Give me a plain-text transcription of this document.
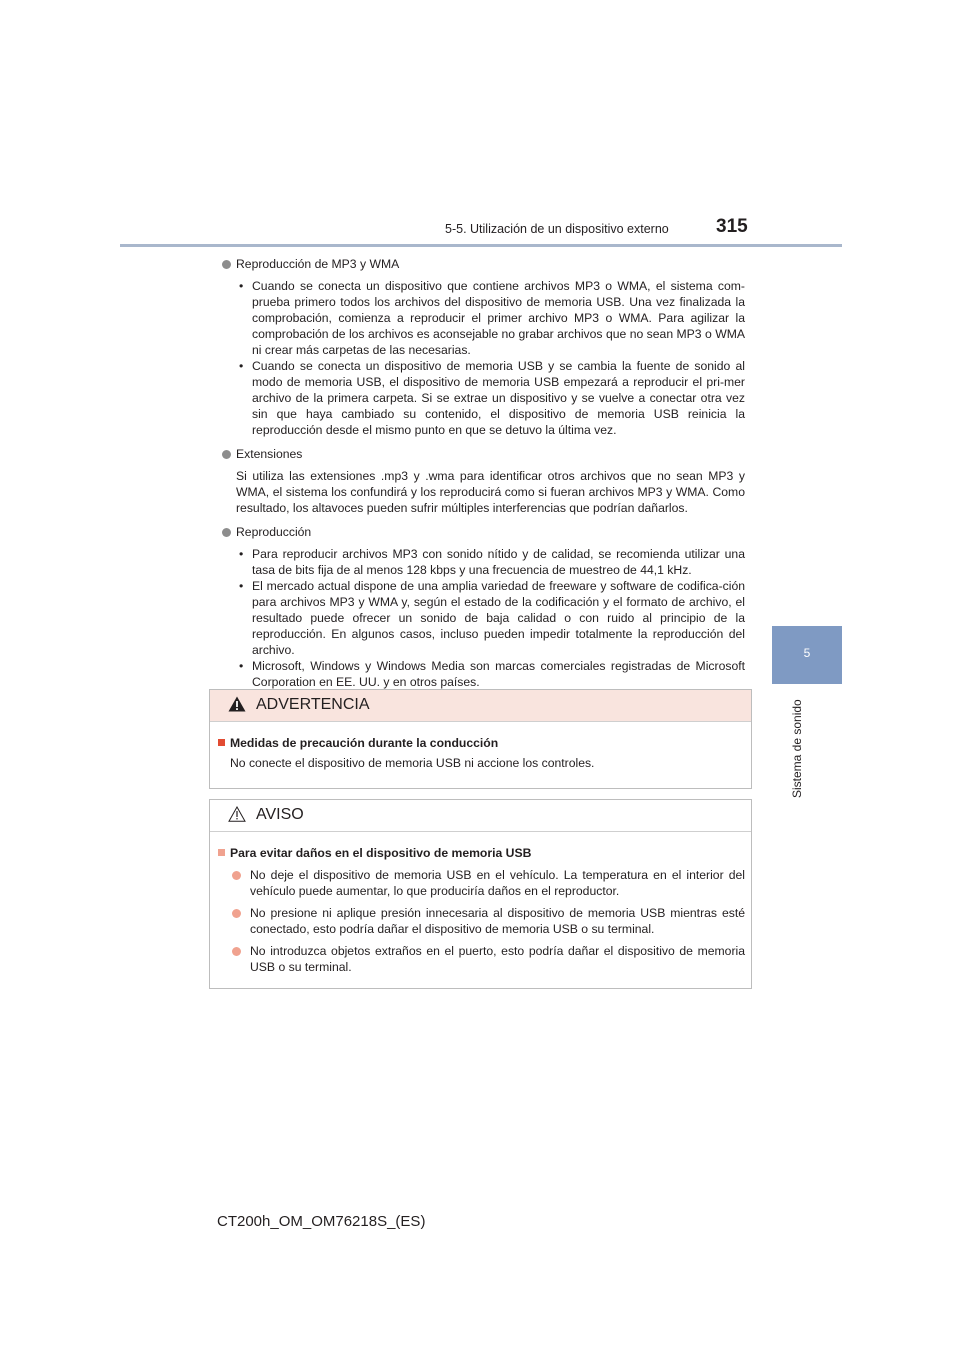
5-5. Utilización de un dispositivo externo 315
5
Sistema de sonido
Reproducción de MP3 y WMA
• Cuando se conecta un dispositivo que contiene archivos MP3 o WMA, el sistema com-prueba primero todos los archivos del dispositivo de memoria USB. Una vez finalizada la comprobación, comienza a reproducir el primer archivo MP3 o WMA. Para agilizar la comprobación de los archivos es aconsejable no grabar archivos que no sean MP3 o WMA ni crear más carpetas de las necesarias.
• Cuando se conecta un dispositivo de memoria USB y se cambia la fuente de sonido al modo de memoria USB, el dispositivo de memoria USB empezará a reproducir el pri-mer archivo de la primera carpeta. Si se extrae un dispositivo y se vuelve a conectar otra vez sin que haya cambiado su contenido, el dispositivo de memoria USB reinicia la reproducción desde el mismo punto en que se detuvo la última vez.
Extensiones
Si utiliza las extensiones .mp3 y .wma para identificar otros archivos que no sean MP3 y WMA, el sistema los confundirá y los reproducirá como si fueran archivos MP3 y WMA. Como resultado, los altavoces pueden sufrir múltiples interferencias que podrían dañarlos.
Reproducción
• Para reproducir archivos MP3 con sonido nítido y de calidad, se recomienda utilizar una tasa de bits fija de al menos 128 kbps y una frecuencia de muestreo de 44,1 kHz.
• El mercado actual dispone de una amplia variedad de freeware y software de codifica-ción para archivos MP3 y WMA y, según el estado de la codificación y el formato de archivo, el resultado puede ofrecer un sonido de baja calidad o con ruido al principio de la reproducción. En algunos casos, incluso pueden impedir totalmente la reproducción del archivo.
• Microsoft, Windows y Windows Media son marcas comerciales registradas de Microsoft Corporation en EE. UU. y en otros países.
ADVERTENCIA
Medidas de precaución durante la conducción
No conecte el dispositivo de memoria USB ni accione los controles.
AVISO
Para evitar daños en el dispositivo de memoria USB
No deje el dispositivo de memoria USB en el vehículo. La temperatura en el interior del vehículo puede aumentar, lo que produciría daños en el reproductor.
No presione ni aplique presión innecesaria al dispositivo de memoria USB mientras esté conectado, esto podría dañar el dispositivo de memoria USB o su terminal.
No introduzca objetos extraños en el puerto, esto podría dañar el dispositivo de memoria USB o su terminal.
CT200h_OM_OM76218S_(ES)
